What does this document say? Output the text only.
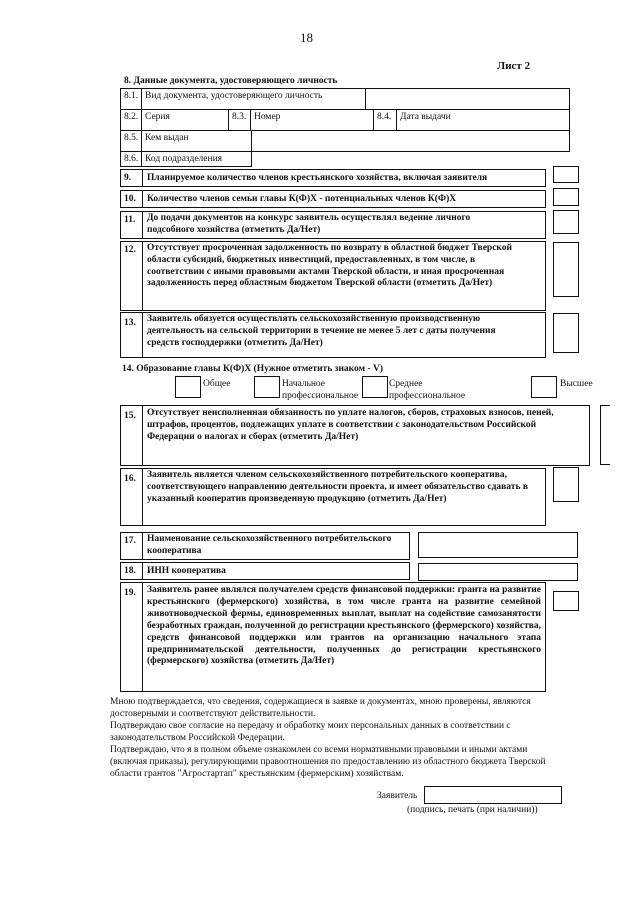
18
Лист 2
8. Данные документа, удостоверяющего личность
8.1. Вид документа, удостоверяющего личность
8.2. Серия	8.3. Номер	8.4. Дата выдачи
8.5. Кем выдан
8.6. Код подразделения
9. Планируемое количество членов крестьянского хозяйства, включая заявителя
10. Количество членов семьи главы К(Ф)Х - потенциальных членов К(Ф)Х
11. До подачи документов на конкурс заявитель осуществлял ведение личного подсобного хозяйства (отметить Да/Нет)
12. Отсутствует просроченная задолженность по возврату в областной бюджет Тверской области субсидий, бюджетных инвестиций, предоставленных, в том числе, в соответствии с иными правовыми актами Тверской области, и иная просроченная задолженность перед областным бюджетом Тверской области (отметить Да/Нет)
13. Заявитель обязуется осуществлять сельскохозяйственную производственную деятельность на сельской территории в течение не менее 5 лет с даты получения средств господдержки (отметить Да/Нет)
14. Образование главы К(Ф)Х (Нужное отметить знаком - V)
Общее	Начальное профессиональное
Среднее профессиональное
Высшее
15. Отсутствует неисполненная обязанность по уплате налогов, сборов, страховых взносов, пеней, штрафов, процентов, подлежащих уплате в соответствии с законодательством Российской Федерации о налогах и сборах (отметить Да/Нет)
16. Заявитель является членом сельскохозяйственного потребительского кооператива, соответствующего направлению деятельности проекта, и имеет обязательство сдавать в указанный кооператив произведенную продукцию (отметить Да/Нет)
17. Наименование сельскохозяйственного потребительского кооператива
18. ИНН кооператива
19. Заявитель ранее являлся получателем средств финансовой поддержки: гранта на развитие крестьянского (фермерского) хозяйства, в том числе гранта на развитие семейной животноводческой фермы, единовременных выплат, выплат на содействие самозанятости безработных граждан, полученной до регистрации крестьянского (фермерского) хозяйства, средств финансовой поддержки или грантов на организацию начального этапа предпринимательской деятельности, полученных до регистрации крестьянского (фермерского) хозяйства (отметить Да/Нет)
Мною подтверждается, что сведения, содержащиеся в заявке и документах, мною проверены, являются достоверными и соответствуют действительности.
Подтверждаю свое согласие на передачу и обработку моих персональных данных в соответствии с законодательством Российской Федерации.
Подтверждаю, что я в полном объеме ознакомлен со всеми нормативными правовыми и иными актами (включая приказы), регулирующими правоотношения по предоставлению из областного бюджета Тверской области грантов "Агростартап" крестьянским (фермерским) хозяйствам.
Заявитель
(подпись, печать (при наличии))
